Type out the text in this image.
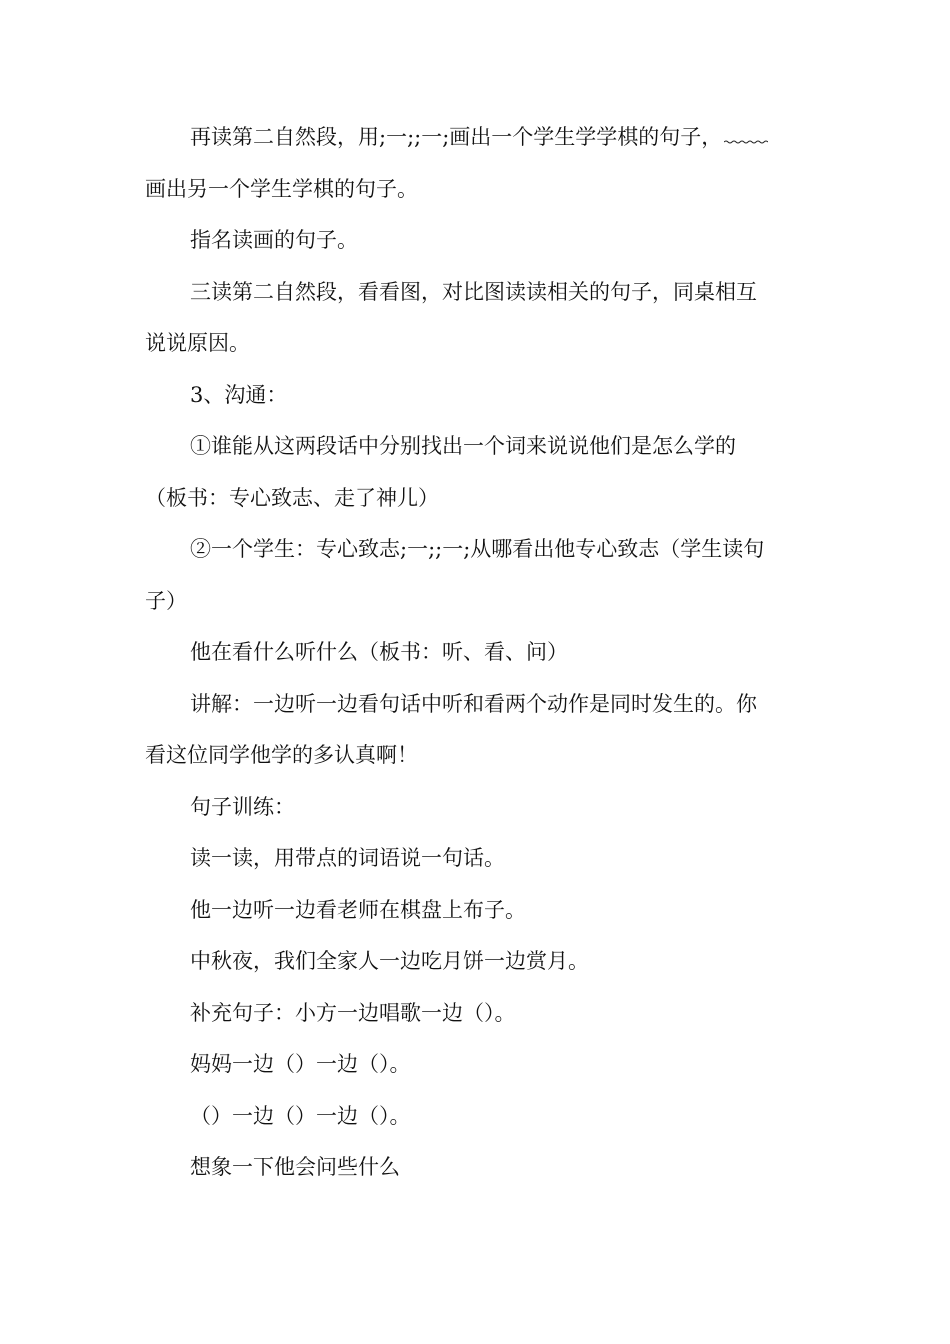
再读第二自然段，用;一;;一;画出一个学生学学棋的句子，
画出另一个学生学棋的句子。
指名读画的句子。
三读第二自然段，看看图，对比图读读相关的句子，同桌相互
说说原因。
3、沟通：
①谁能从这两段话中分别找出一个词来说说他们是怎么学的
（板书：专心致志、走了神儿）
②一个学生：专心致志;一;;一;从哪看出他专心致志（学生读句
子）
他在看什么听什么（板书：听、看、问）
讲解：一边听一边看句话中听和看两个动作是同时发生的。你
看这位同学他学的多认真啊！
句子训练：
读一读，用带点的词语说一句话。
他一边听一边看老师在棋盘上布子。
中秋夜，我们全家人一边吃月饼一边赏月。
补充句子：小方一边唱歌一边（）。
妈妈一边（）一边（）。
（）一边（）一边（）。
想象一下他会问些什么
